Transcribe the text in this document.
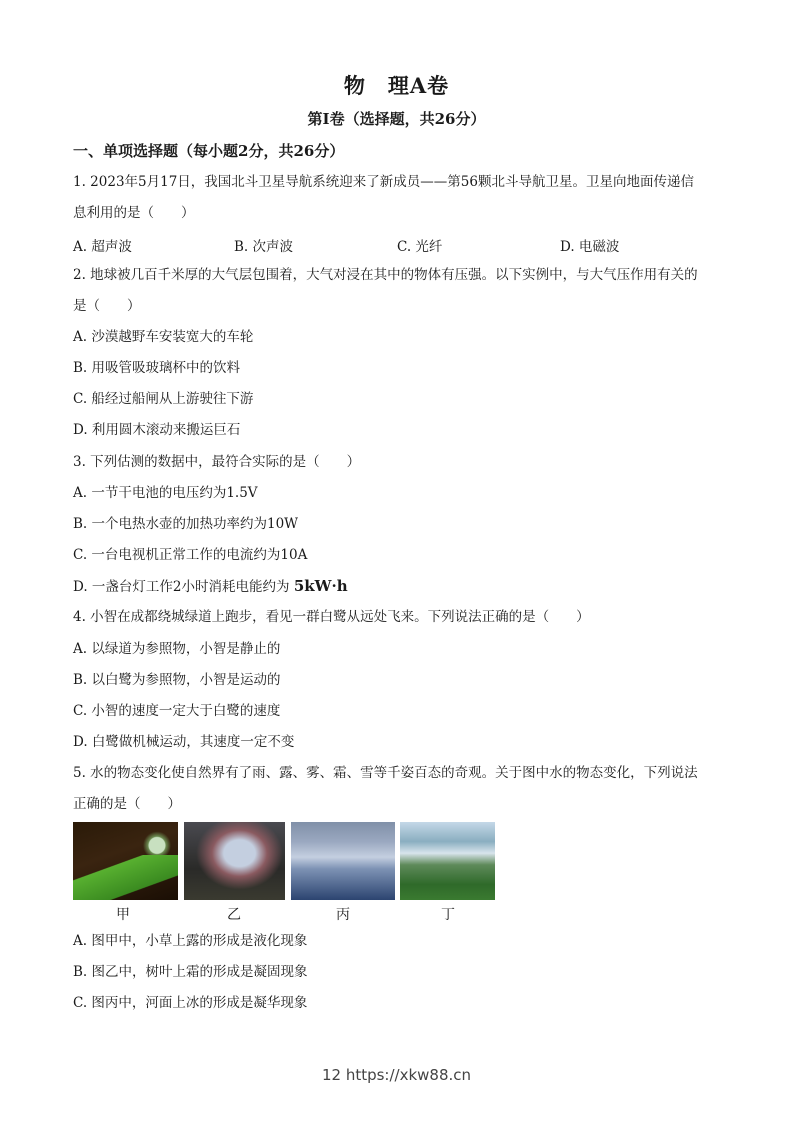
物 理A卷
第Ⅰ卷（选择题，共26分）
一、单项选择题（每小题2分，共26分）
1. 2023年5月17日，我国北斗卫星导航系统迎来了新成员——第56颗北斗导航卫星。卫星向地面传递信
息利用的是（　　）
A. 超声波	B. 次声波	C. 光纤	D. 电磁波
2. 地球被几百千米厚的大气层包围着，大气对浸在其中的物体有压强。以下实例中，与大气压作用有关的
是（　　）
A. 沙漠越野车安装宽大的车轮
B. 用吸管吸玻璃杯中的饮料
C. 船经过船闸从上游驶往下游
D. 利用圆木滚动来搬运巨石
3. 下列估测的数据中，最符合实际的是（　　）
A. 一节干电池的电压约为1.5V
B. 一个电热水壶的加热功率约为10W
C. 一台电视机正常工作的电流约为10A
D. 一盏台灯工作2小时消耗电能约为 5kW·h
4. 小智在成都绕城绿道上跑步，看见一群白鹭从远处飞来。下列说法正确的是（　　）
A. 以绿道为参照物，小智是静止的
B. 以白鹭为参照物，小智是运动的
C. 小智的速度一定大于白鹭的速度
D. 白鹭做机械运动，其速度一定不变
5. 水的物态变化使自然界有了雨、露、雾、霜、雪等千姿百态的奇观。关于图中水的物态变化，下列说法
正确的是（　　）
甲	乙	丙	丁
A. 图甲中，小草上露的形成是液化现象
B. 图乙中，树叶上霜的形成是凝固现象
C. 图丙中，河面上冰的形成是凝华现象
12 https://xkw88.cn
